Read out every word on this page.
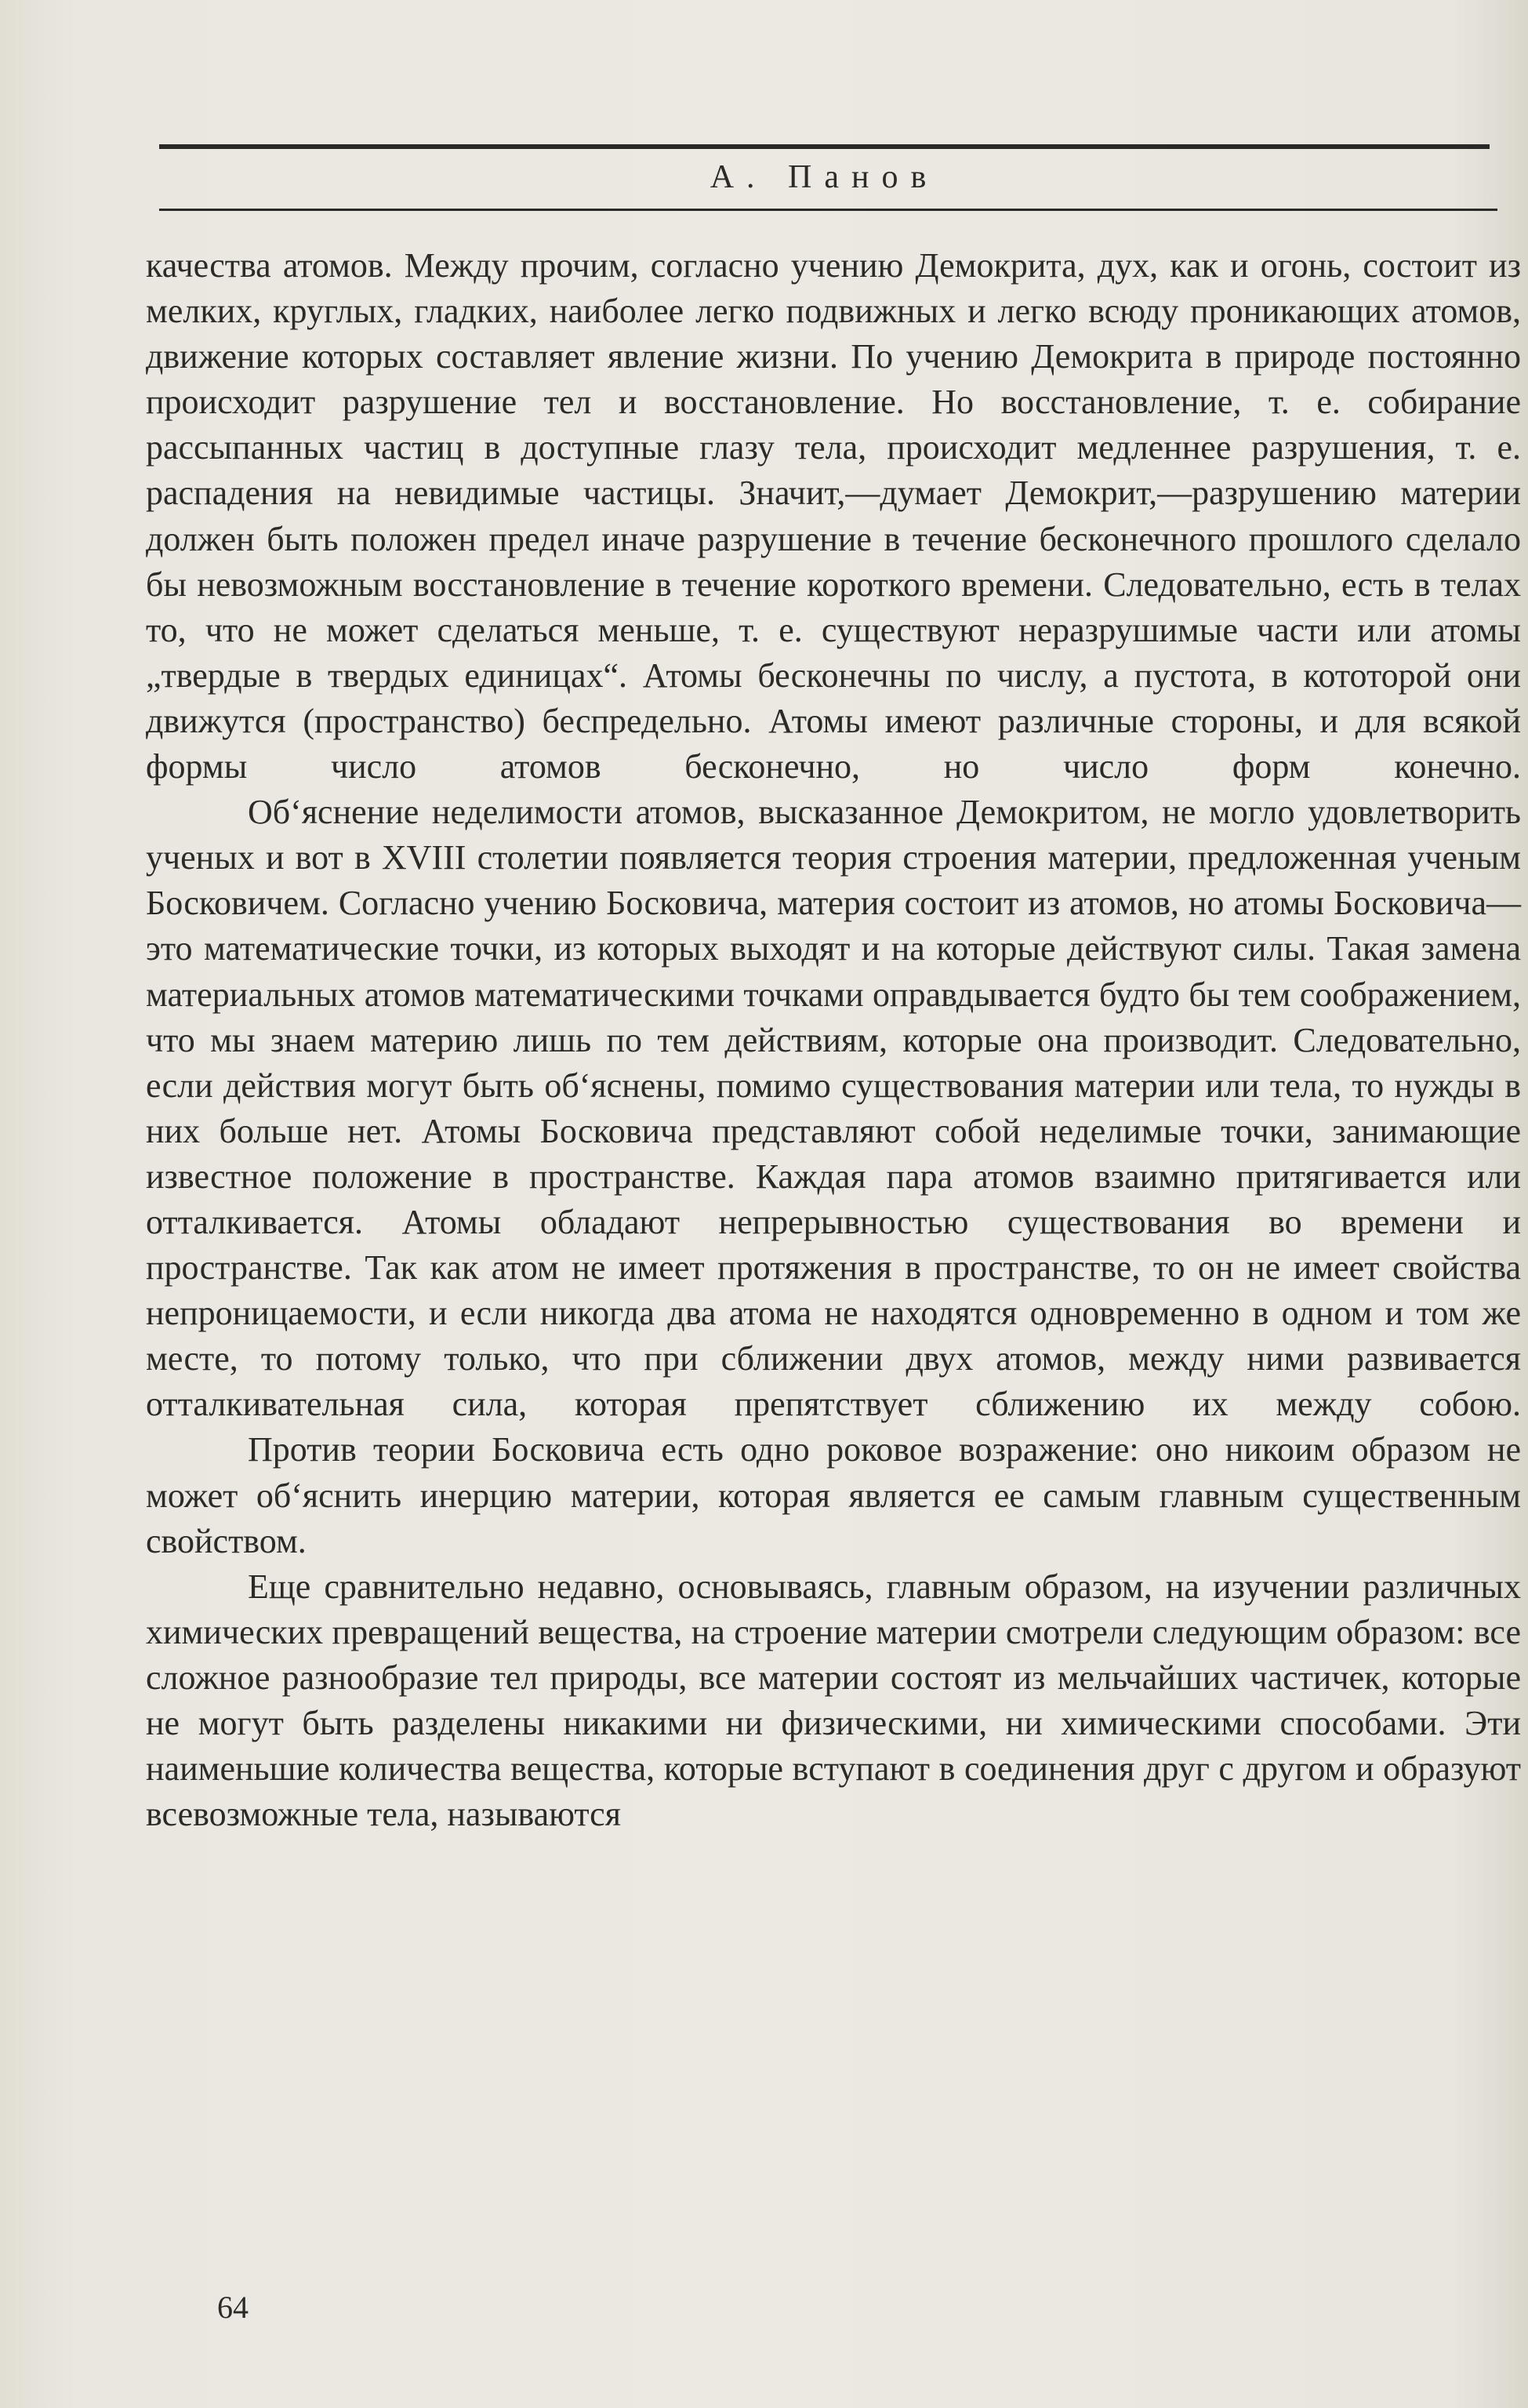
А. Панов

качества атомов. Между прочим, согласно учению Демокрита, дух, как и огонь, состоит из мелких, круглых, гладких, наиболее легко подвижных и легко всюду проникающих атомов, движение которых составляет явление жизни. По учению Демокрита в природе постоянно происходит разрушение тел и восстановление. Но восстановление, т. е. собирание рассыпанных частиц в доступные глазу тела, происходит медленнее разрушения, т. е. распадения на невидимые частицы. Значит,—думает Демокрит,—разрушению материи должен быть положен предел иначе разрушение в течение бесконечного прошлого сделало бы невозможным восстановление в течение короткого времени. Следовательно, есть в телах то, что не может сделаться меньше, т. е. существуют неразрушимые части или атомы „твердые в твердых единицах“. Атомы бесконечны по числу, а пустота, в кототорой они движутся (пространство) беспредельно. Атомы имеют различные стороны, и для всякой формы число атомов бесконечно, но число форм конечно.

Об‘яснение неделимости атомов, высказанное Демокритом, не могло удовлетворить ученых и вот в XVIII столетии появляется теория строения материи, предложенная ученым Босковичем. Согласно учению Босковича, материя состоит из атомов, но атомы Босковича—это математические точки, из которых выходят и на которые действуют силы. Такая замена материальных атомов математическими точками оправдывается будто бы тем соображением, что мы знаем материю лишь по тем действиям, которые она производит. Следовательно, если действия могут быть об‘яснены, помимо существования материи или тела, то нужды в них больше нет. Атомы Босковича представляют собой неделимые точки, занимающие известное положение в пространстве. Каждая пара атомов взаимно притягивается или отталкивается. Атомы обладают непрерывностью существования во времени и пространстве. Так как атом не имеет протяжения в пространстве, то он не имеет свойства непроницаемости, и если никогда два атома не находятся одновременно в одном и том же месте, то потому только, что при сближении двух атомов, между ними развивается отталкивательная сила, которая препятствует сближению их между собою.

Против теории Босковича есть одно роковое возражение: оно никоим образом не может об‘яснить инерцию материи, которая является ее самым главным существенным свойством.

Еще сравнительно недавно, основываясь, главным образом, на изучении различных химических превращений вещества, на строение материи смотрели следующим образом: все сложное разнообразие тел природы, все материи состоят из мельчайших частичек, которые не могут быть разделены никакими ни физическими, ни химическими способами. Эти наименьшие количества вещества, которые вступают в соединения друг с другом и образуют всевозможные тела, называются

64
